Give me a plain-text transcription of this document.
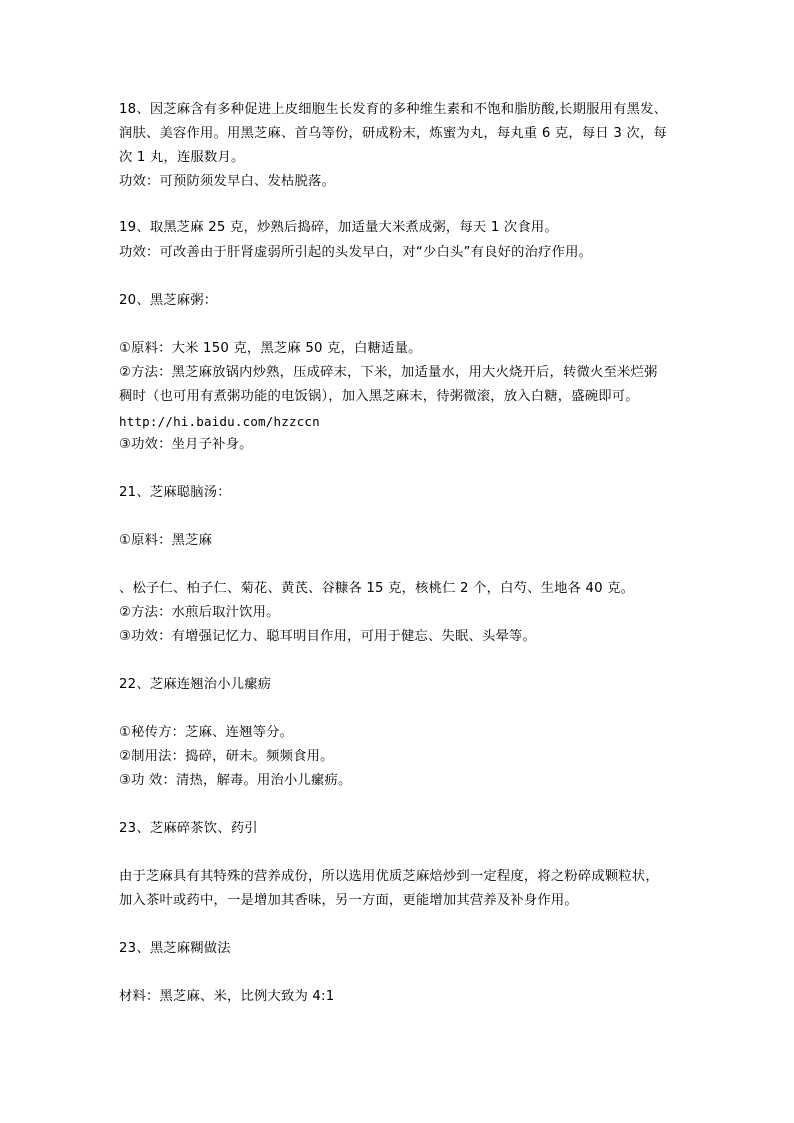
18、因芝麻含有多种促进上皮细胞生长发育的多种维生素和不饱和脂肪酸,长期服用有黑发、

润肤、美容作用。用黑芝麻、首乌等份，研成粉末，炼蜜为丸，每丸重 6 克，每日 3 次，每

次 1 丸，连服数月。

功效：可预防须发早白、发枯脱落。

19、取黑芝麻 25 克，炒熟后捣碎，加适量大米煮成粥，每天 1 次食用。

功效：可改善由于肝肾虚弱所引起的头发早白，对“少白头”有良好的治疗作用。

20、黑芝麻粥：

①原料：大米 150 克，黑芝麻 50 克，白糖适量。

②方法：黑芝麻放锅内炒熟，压成碎末，下米，加适量水，用大火烧开后，转微火至米烂粥

稠时（也可用有煮粥功能的电饭锅），加入黑芝麻末，待粥微滚，放入白糖，盛碗即可。

http://hi.baidu.com/hzzccn

③功效：坐月子补身。

21、芝麻聪脑汤：

①原料：黑芝麻

、松子仁、柏子仁、菊花、黄芪、谷糠各 15 克，核桃仁 2 个，白芍、生地各 40 克。

②方法：水煎后取汁饮用。

③功效：有增强记忆力、聪耳明目作用，可用于健忘、失眠、头晕等。

22、芝麻连翘治小儿瘰疬

①秘传方：芝麻、连翘等分。

②制用法：捣碎，研末。频频食用。

③功 效：清热，解毒。用治小儿瘰疬。

23、芝麻碎茶饮、药引

由于芝麻具有其特殊的营养成份，所以选用优质芝麻焙炒到一定程度，将之粉碎成颗粒状，

加入茶叶或药中，一是增加其香味，另一方面，更能增加其营养及补身作用。

23、黑芝麻糊做法

材料：黑芝麻、米，比例大致为 4:1
